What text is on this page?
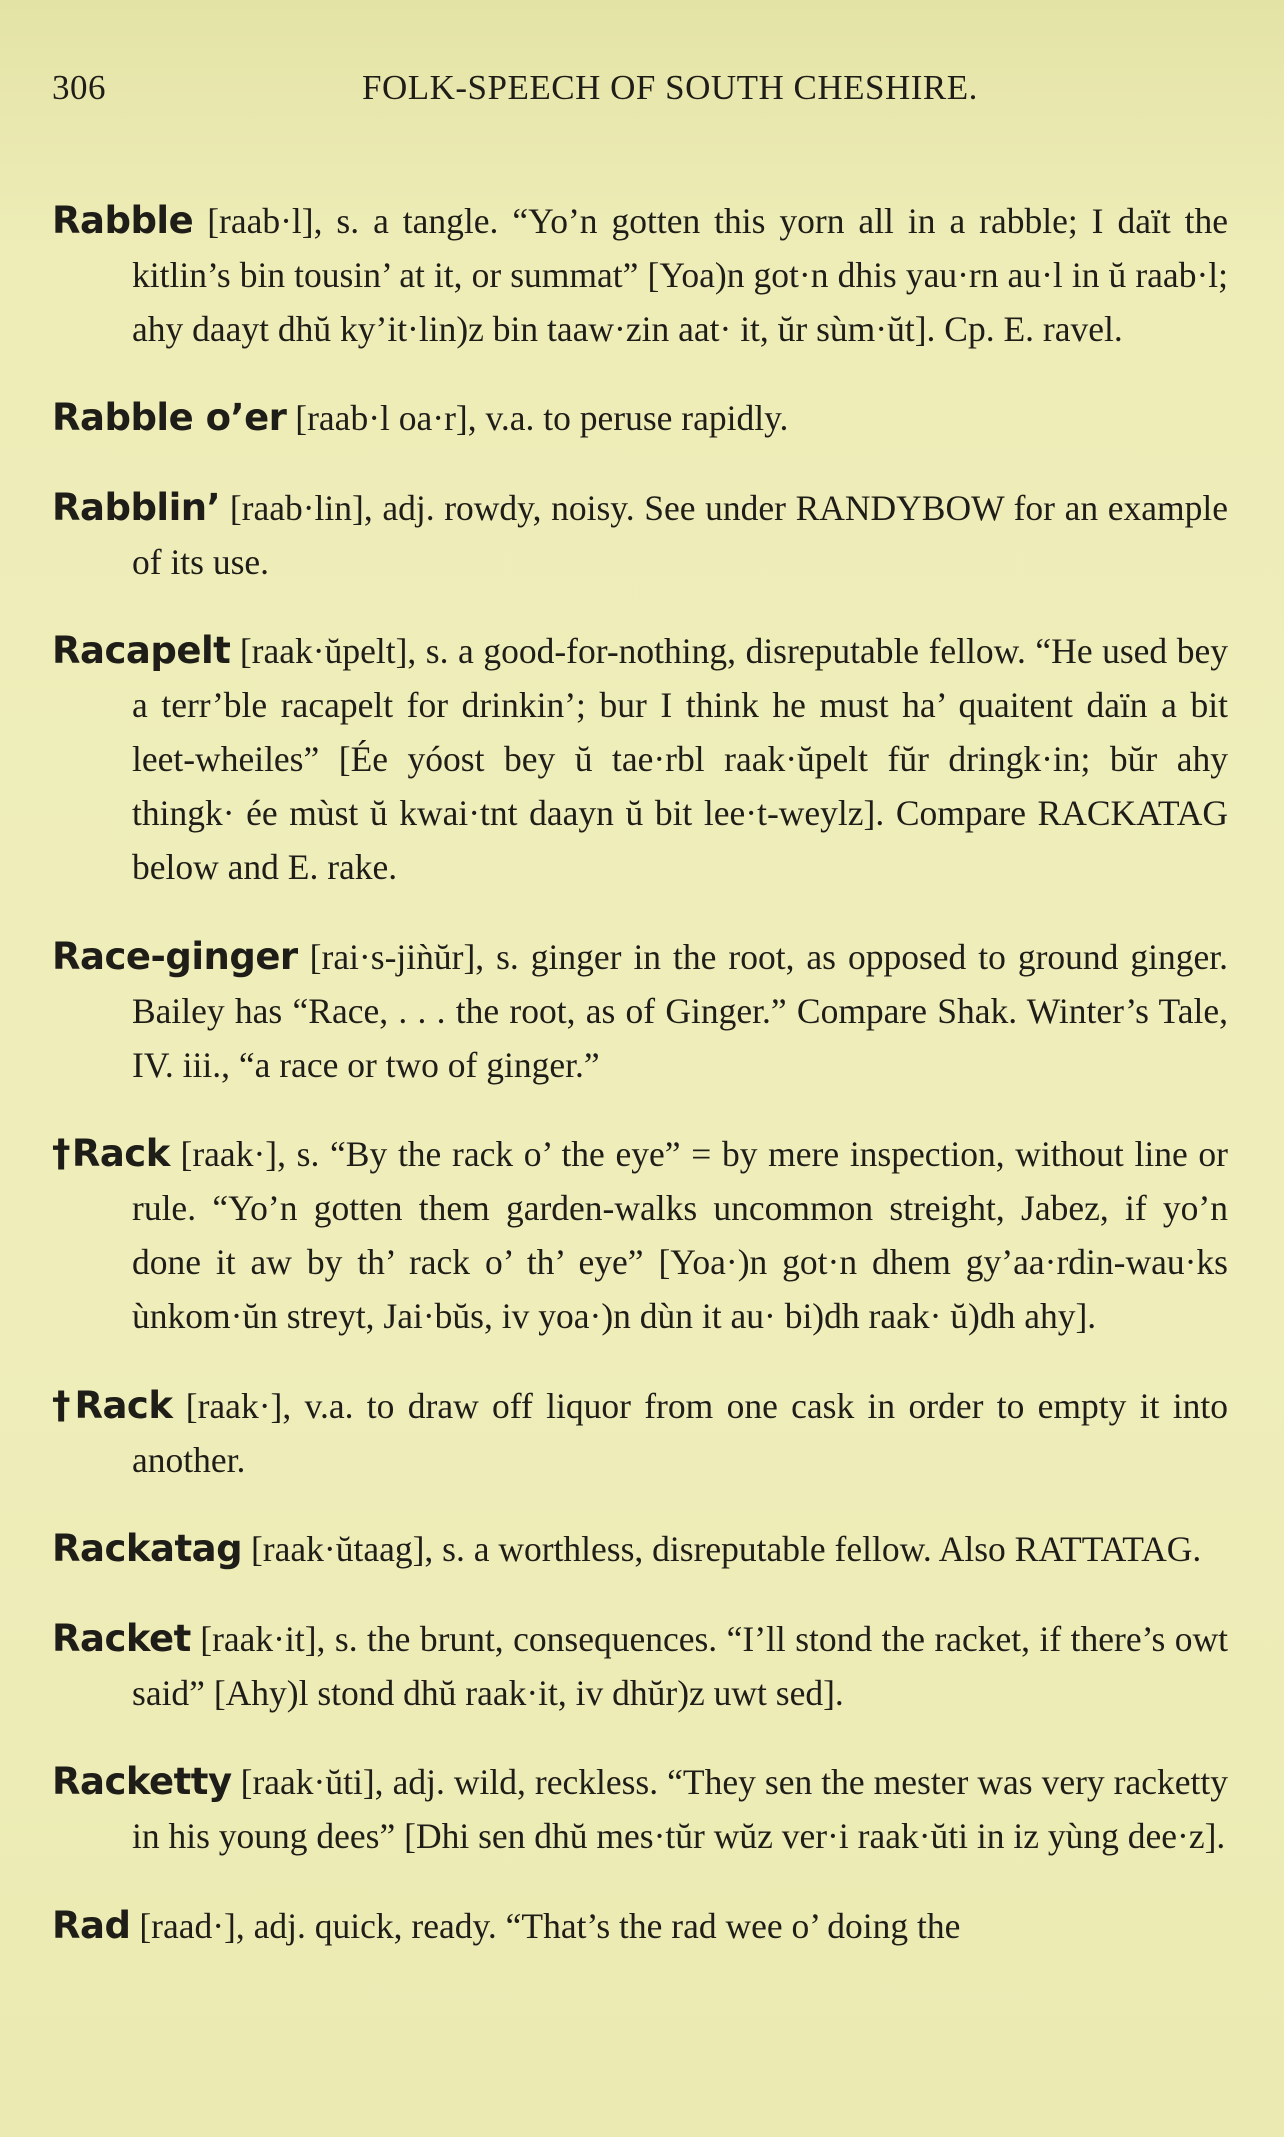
306	FOLK-SPEECH OF SOUTH CHESHIRE.

Rabble [raab·l], s. a tangle. “Yo’n gotten this yorn all in a rabble; I daït the kitlin’s bin tousin’ at it, or summat” [Yoa)n got·n dhis yau·rn au·l in ŭ raab·l; ahy daayt dhŭ ky’it·lin)z bin taaw·zin aat· it, ŭr sùm·ŭt]. Cp. E. ravel.

Rabble o’er [raab·l oa·r], v.a. to peruse rapidly.

Rabblin’ [raab·lin], adj. rowdy, noisy. See under RANDYBOW for an example of its use.

Racapelt [raak·ŭpelt], s. a good-for-nothing, disreputable fellow. “He used bey a terr’ble racapelt for drinkin’; bur I think he must ha’ quaitent daïn a bit leet-wheiles” [Ée yóost bey ŭ tae·rbl raak·ŭpelt fŭr dringk·in; bŭr ahy thingk· ée mùst ŭ kwai·tnt daayn ŭ bit lee·t-weylz]. Compare RACKATAG below and E. rake.

Race-ginger [rai·s-jiǹŭr], s. ginger in the root, as opposed to ground ginger. Bailey has “Race, . . . the root, as of Ginger.” Compare Shak. Winter’s Tale, IV. iii., “a race or two of ginger.”

†Rack [raak·], s. “By the rack o’ the eye” = by mere inspection, without line or rule. “Yo’n gotten them garden-walks uncommon streight, Jabez, if yo’n done it aw by th’ rack o’ th’ eye” [Yoa·)n got·n dhem gy’aa·rdin-wau·ks ùnkom·ŭn streyt, Jai·bŭs, iv yoa·)n dùn it au· bi)dh raak· ŭ)dh ahy].

†Rack [raak·], v.a. to draw off liquor from one cask in order to empty it into another.

Rackatag [raak·ŭtaag], s. a worthless, disreputable fellow. Also RATTATAG.

Racket [raak·it], s. the brunt, consequences. “I’ll stond the racket, if there’s owt said” [Ahy)l stond dhŭ raak·it, iv dhŭr)z uwt sed].

Racketty [raak·ŭti], adj. wild, reckless. “They sen the mester was very racketty in his young dees” [Dhi sen dhŭ mes·tŭr wŭz ver·i raak·ŭti in iz yùng dee·z].

Rad [raad·], adj. quick, ready. “That’s the rad wee o’ doing the
